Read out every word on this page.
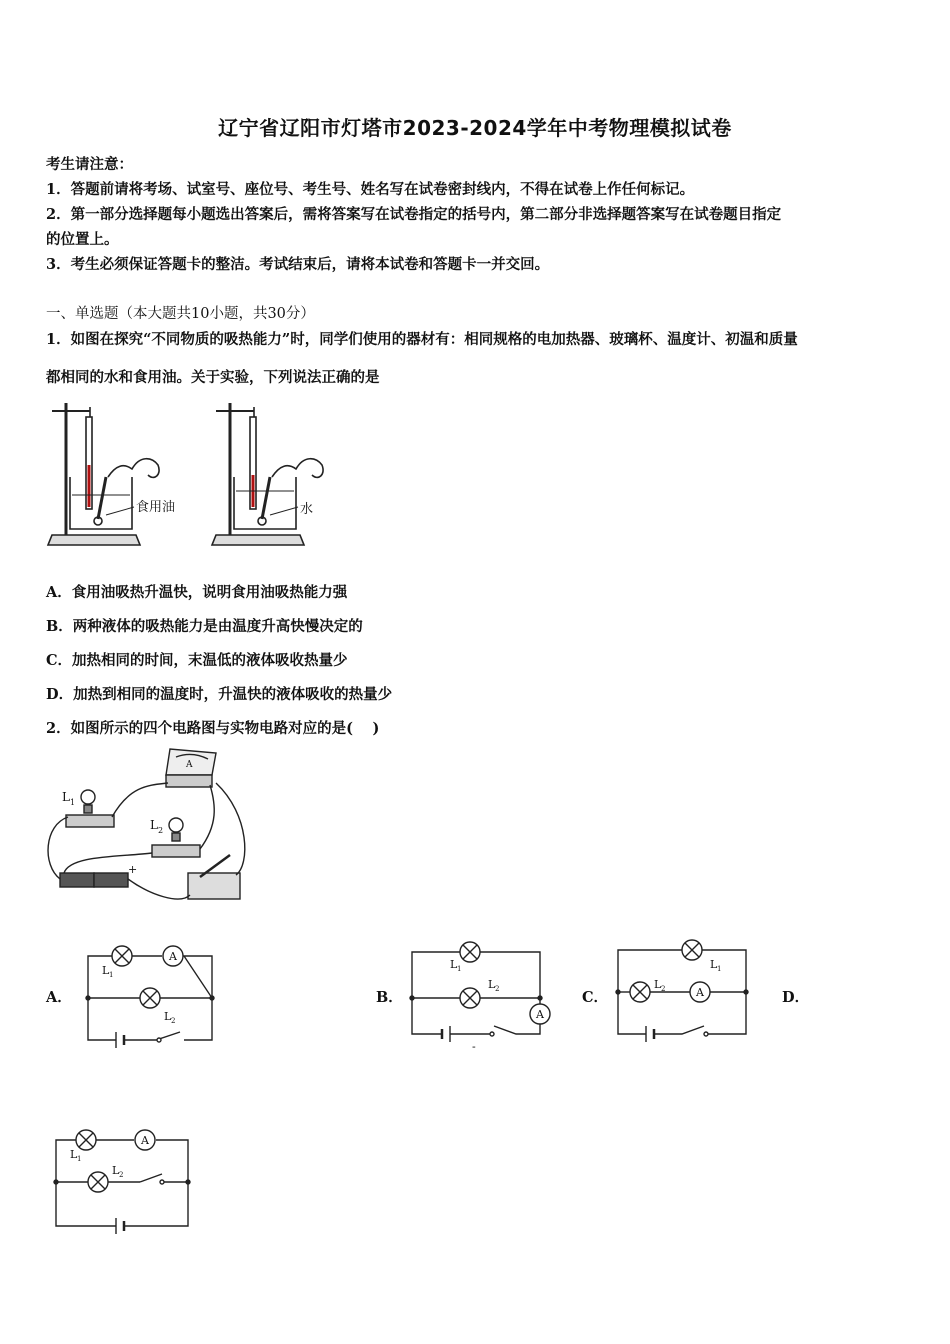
辽宁省辽阳市灯塔市2023-2024学年中考物理模拟试卷
考生请注意：
1．答题前请将考场、试室号、座位号、考生号、姓名写在试卷密封线内，不得在试卷上作任何标记。
2．第一部分选择题每小题选出答案后，需将答案写在试卷指定的括号内，第二部分非选择题答案写在试卷题目指定
的位置上。
3．考生必须保证答题卡的整洁。考试结束后，请将本试卷和答题卡一并交回。
一、单选题（本大题共10小题，共30分）
1．如图在探究“不同物质的吸热能力”时，同学们使用的器材有：相同规格的电加热器、玻璃杯、温度计、初温和质量
都相同的水和食用油。关于实验，下列说法正确的是
食用油	水
A．食用油吸热升温快，说明食用油吸热能力强
B．两种液体的吸热能力是由温度升高快慢决定的
C．加热相同的时间，末温低的液体吸收热量少
D．加热到相同的温度时，升温快的液体吸收的热量少
2．如图所示的四个电路图与实物电路对应的是(　 )
L 1
L 2
A
+
A．	B．	C．	D．
A
L 1
L 2	A
L 1
L 2
-
A
L 1
L 2
A
L 1
L 2
